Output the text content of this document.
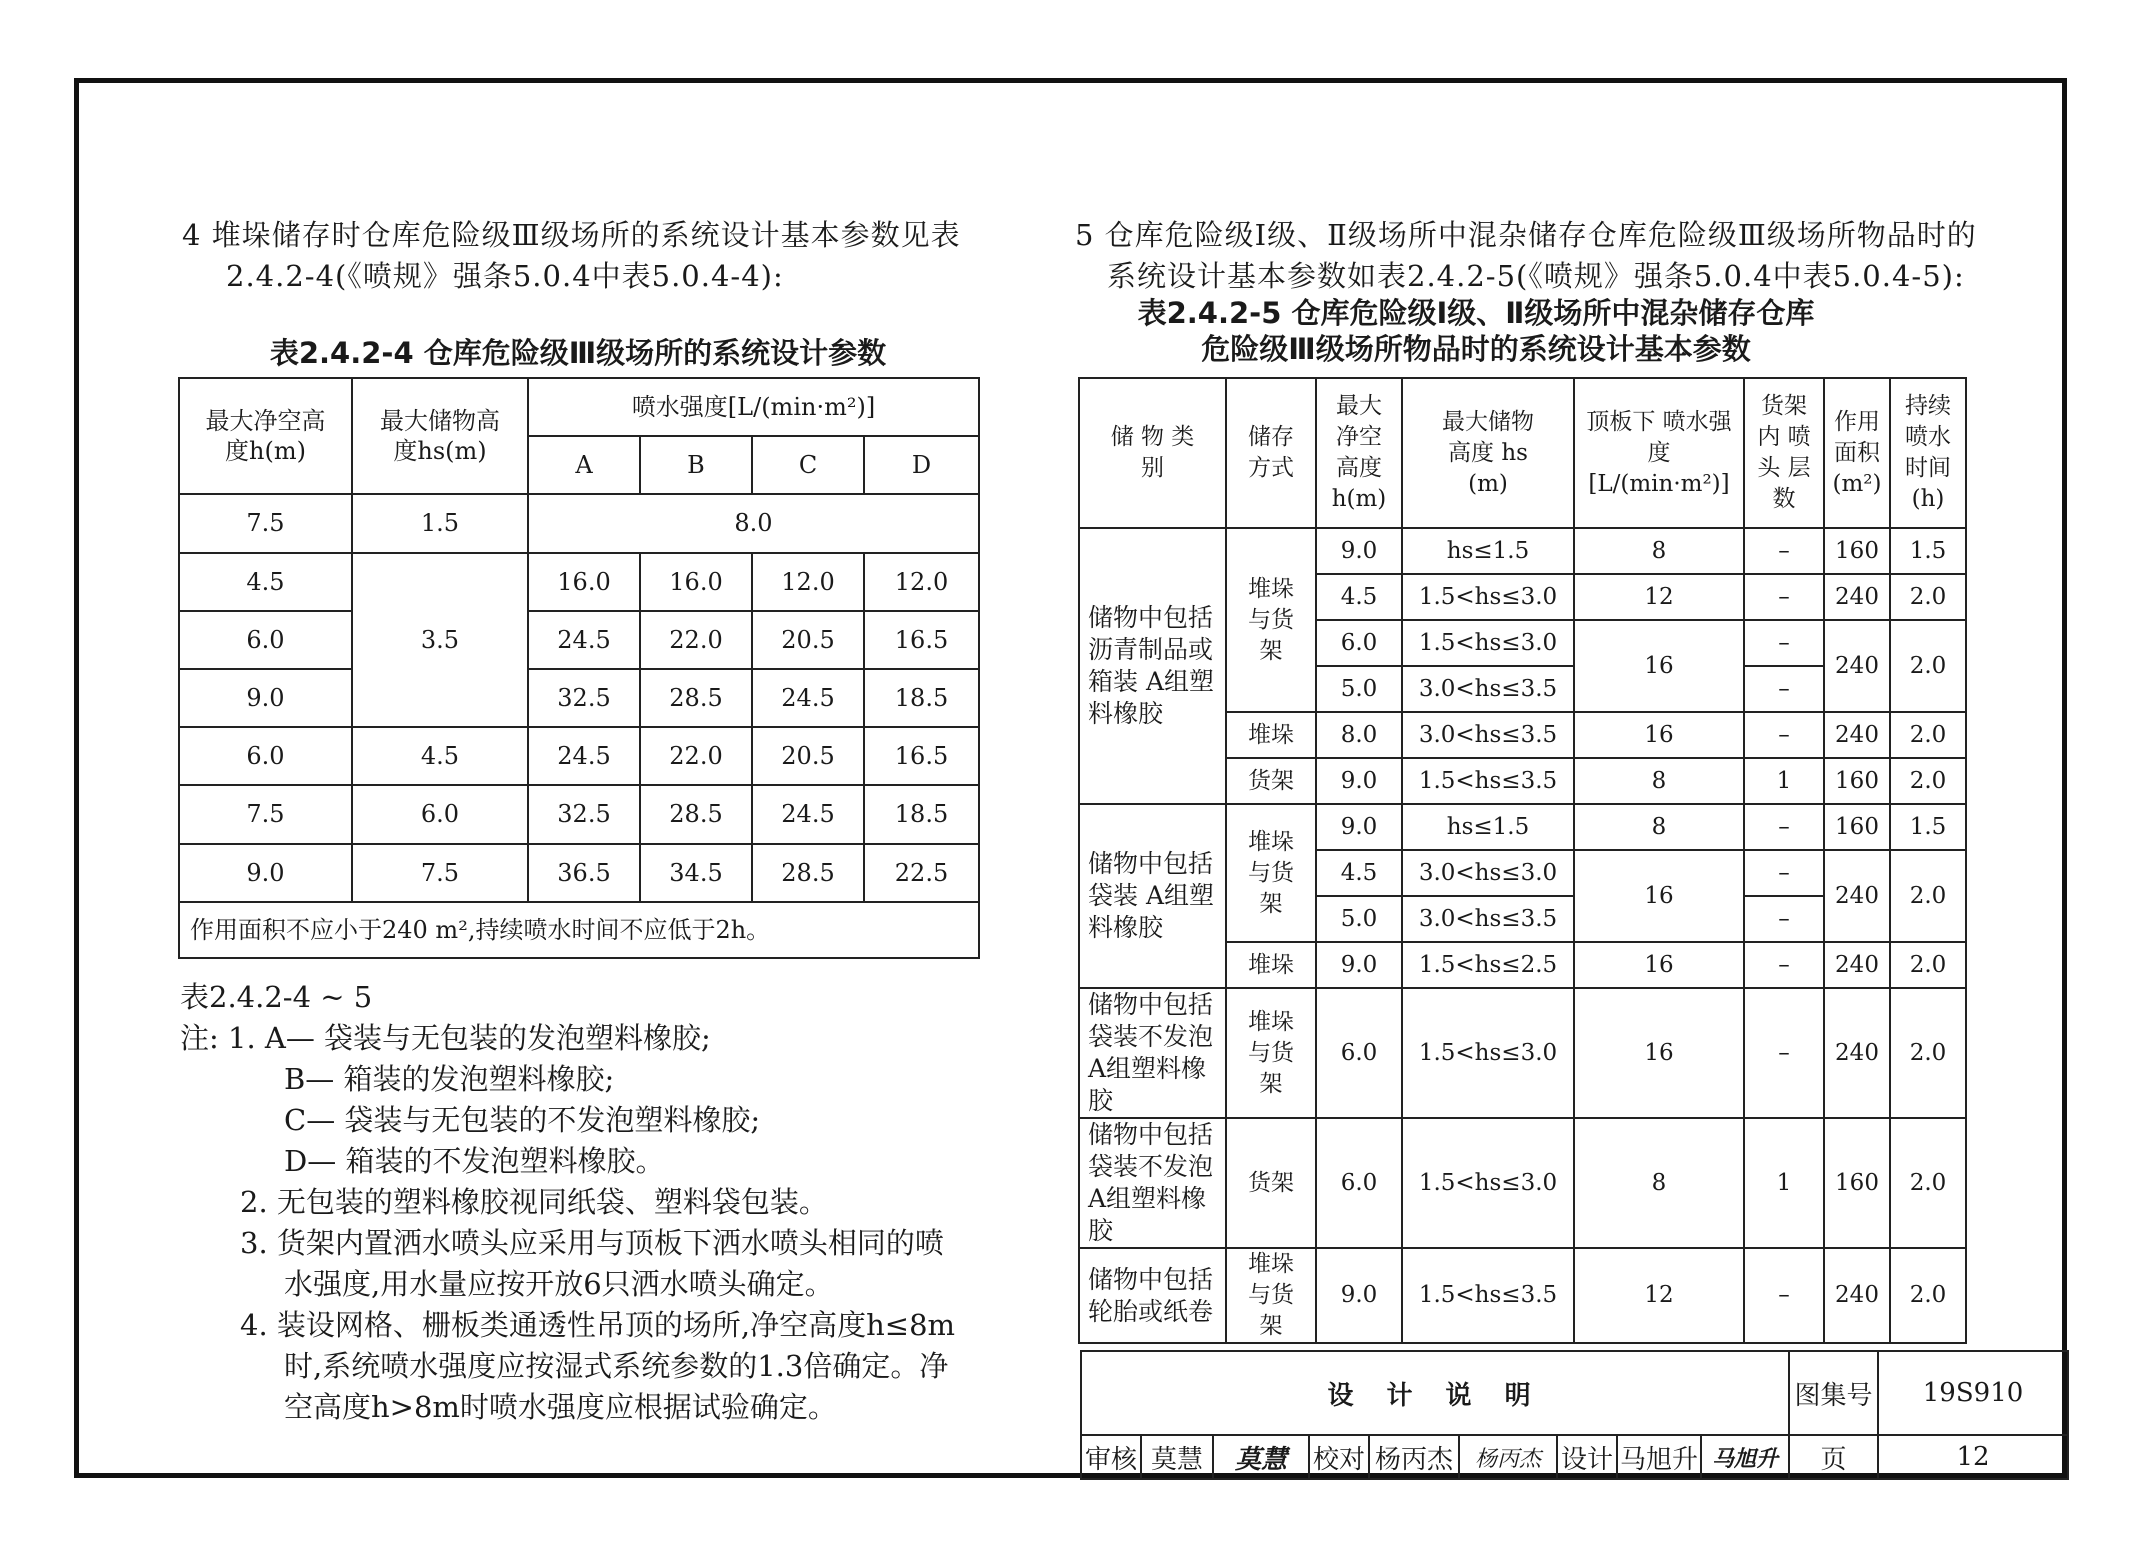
4 堆垛储存时仓库危险级Ⅲ级场所的系统设计基本参数见表
2.4.2-4(《喷规》强条5.0.4中表5.0.4-4):
表2.4.2-4 仓库危险级Ⅲ级场所的系统设计参数
最大净空高度h(m)	最大储物高度hs(m)	喷水强度[L/(min·m²)]			
		A	B	C	D
7.5	1.5	8.0			
4.5	3.5	16.0	16.0	12.0	12.0
6.0		24.5	22.0	20.5	16.5
9.0		32.5	28.5	24.5	18.5
6.0	4.5	24.5	22.0	20.5	16.5
7.5	6.0	32.5	28.5	24.5	18.5
9.0	7.5	36.5	34.5	28.5	22.5
作用面积不应小于240 m²,持续喷水时间不应低于2h。					
表2.4.2-4 ~ 5
注: 1. A— 袋装与无包装的发泡塑料橡胶;
B— 箱装的发泡塑料橡胶;
C— 袋装与无包装的不发泡塑料橡胶;
D— 箱装的不发泡塑料橡胶。
2. 无包装的塑料橡胶视同纸袋、塑料袋包装。
3. 货架内置洒水喷头应采用与顶板下洒水喷头相同的喷
水强度,用水量应按开放6只洒水喷头确定。
4. 装设网格、栅板类通透性吊顶的场所,净空高度h≤8m
时,系统喷水强度应按湿式系统参数的1.3倍确定。净
空高度h>8m时喷水强度应根据试验确定。
5 仓库危险级Ⅰ级、Ⅱ级场所中混杂储存仓库危险级Ⅲ级场所物品时的
系统设计基本参数如表2.4.2-5(《喷规》强条5.0.4中表5.0.4-5):
表2.4.2-5 仓库危险级Ⅰ级、Ⅱ级场所中混杂储存仓库
危险级Ⅲ级场所物品时的系统设计基本参数
储 物 类 别	储存 方式	最大 净空 高度 h(m)	最大储物 高度 hs (m)	顶板下 喷水强度 [L/(min·m²)]	货架内 喷头 层数	作用 面积 (m²)	持续 喷水 时间 (h)
储物中包括沥青制品或箱装 A组塑料橡胶	堆垛与货架	9.0	hs≤1.5	8	–	160	1.5
		4.5	1.5<hs≤3.0	12	–	240	2.0
		6.0	1.5<hs≤3.0	16	–	240	2.0
		5.0	3.0<hs≤3.5		–		
	堆垛	8.0	3.0<hs≤3.5	16	–	240	2.0
	货架	9.0	1.5<hs≤3.5	8	1	160	2.0
储物中包括袋装 A组塑料橡胶	堆垛与货架	9.0	hs≤1.5	8	–	160	1.5
		4.5	3.0<hs≤3.0	16	–	240	2.0
		5.0	3.0<hs≤3.5		–		
	堆垛	9.0	1.5<hs≤2.5	16	–	240	2.0
储物中包括袋装不发泡A组塑料橡胶	堆垛与货架	6.0	1.5<hs≤3.0	16	–	240	2.0
储物中包括袋装不发泡A组塑料橡胶	货架	6.0	1.5<hs≤3.0	8	1	160	2.0
储物中包括轮胎或纸卷	堆垛与货架	9.0	1.5<hs≤3.5	12	–	240	2.0
设 计 说 明									图集号	19S910
审核	莫慧	莫慧	校对	杨丙杰	杨丙杰	设计	马旭升	马旭升	页	12
